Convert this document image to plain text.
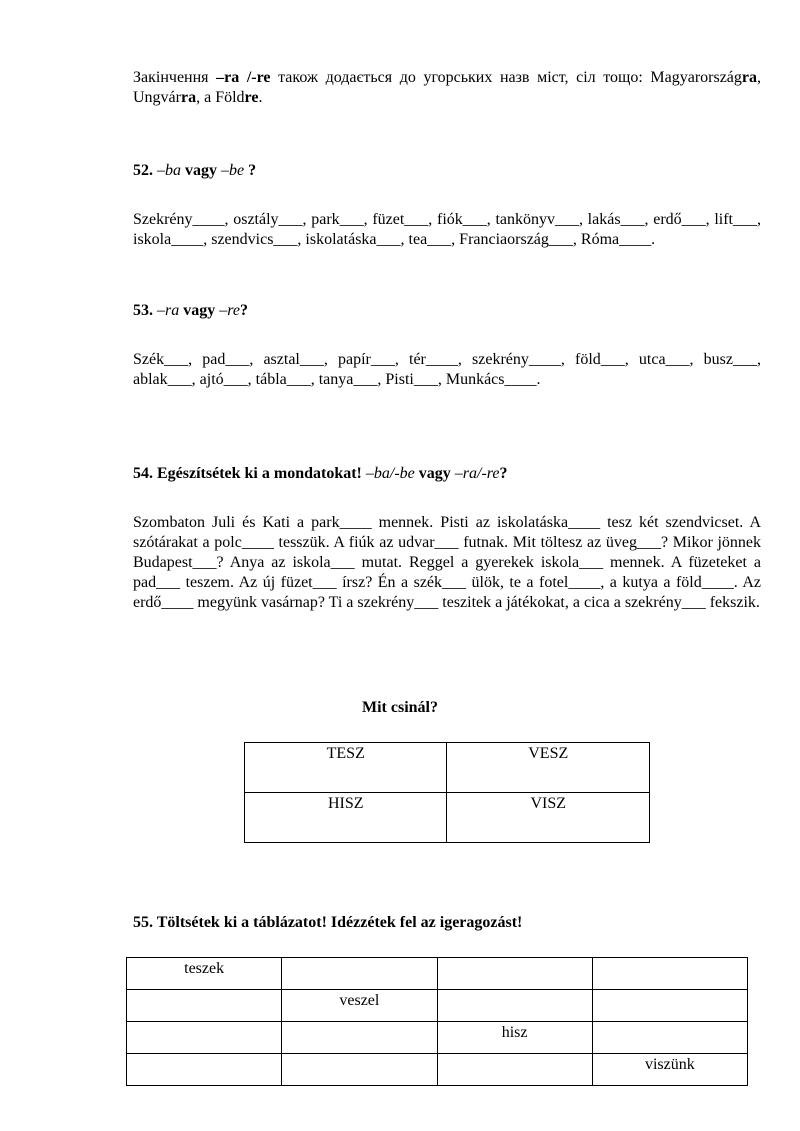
Закінчення –ra /-re також додається до угорських назв міст, сіл тощо: Magyarországra, Ungvárra, a Földre.

52. –ba vagy –be ?

Szekrény____, osztály___, park___, füzet___, fiók___, tankönyv___, lakás___, erdő___, lift___, iskola____, szendvics___, iskolatáska___, tea___, Franciaország___, Róma____.

53. –ra vagy –re?

Szék___, pad___, asztal___, papír___, tér____, szekrény____, föld___, utca___, busz___, ablak___, ajtó___, tábla___, tanya___, Pisti___, Munkács____.

54. Egészítsétek ki a mondatokat! –ba/-be vagy –ra/-re?

Szombaton Juli és Kati a park____ mennek. Pisti az iskolatáska____ tesz két szendvicset. A szótárakat a polc____ tesszük. A fiúk az udvar___ futnak. Mit töltesz az üveg___? Mikor jönnek Budapest___? Anya az iskola___ mutat. Reggel a gyerekek iskola___ mennek. A füzeteket a pad___ teszem. Az új füzet___ írsz? Én a szék___ ülök, te a fotel____, a kutya a föld____. Az erdő____ megyünk vasárnap? Ti a szekrény___ teszitek a játékokat, a cica a szekrény___ fekszik.

Mit csinál?
TESZ	VESZ
HISZ	VISZ

55. Töltsétek ki a táblázatot! Idézzétek fel az igeragozást!

teszek			
	veszel		
		hisz	
			viszünk
